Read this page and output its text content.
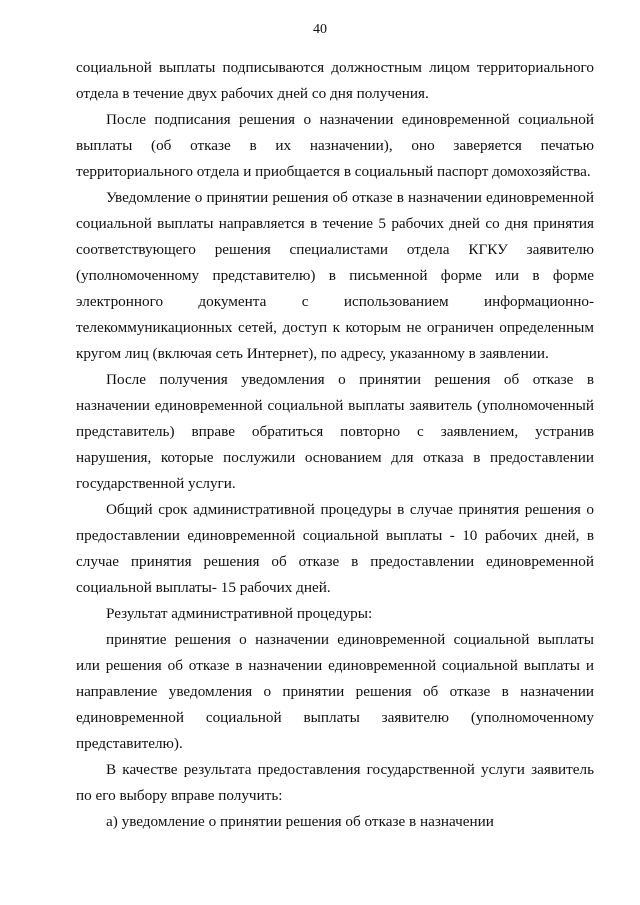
40

социальной выплаты подписываются должностным лицом территориального отдела в течение двух рабочих дней со дня получения.

После подписания решения о назначении единовременной социальной выплаты (об отказе в их назначении), оно заверяется печатью территориального отдела и приобщается в социальный паспорт домохозяйства.

Уведомление о принятии решения об отказе в назначении единовременной социальной выплаты направляется в течение 5 рабочих дней со дня принятия соответствующего решения специалистами отдела КГКУ заявителю (уполномоченному представителю) в письменной форме или в форме электронного документа с использованием информационно-телекоммуникационных сетей, доступ к которым не ограничен определенным кругом лиц (включая сеть Интернет), по адресу, указанному в заявлении.

После получения уведомления о принятии решения об отказе в назначении единовременной социальной выплаты заявитель (уполномоченный представитель) вправе обратиться повторно с заявлением, устранив нарушения, которые послужили основанием для отказа в предоставлении государственной услуги.

Общий срок административной процедуры в случае принятия решения о предоставлении единовременной социальной выплаты - 10 рабочих дней, в случае принятия решения об отказе в предоставлении единовременной социальной выплаты- 15 рабочих дней.

Результат административной процедуры:

принятие решения о назначении единовременной социальной выплаты или решения об отказе в назначении единовременной социальной выплаты и направление уведомления о принятии решения об отказе в назначении единовременной социальной выплаты заявителю (уполномоченному представителю).

В качестве результата предоставления государственной услуги заявитель по его выбору вправе получить:

а) уведомление о принятии решения об отказе в назначении
